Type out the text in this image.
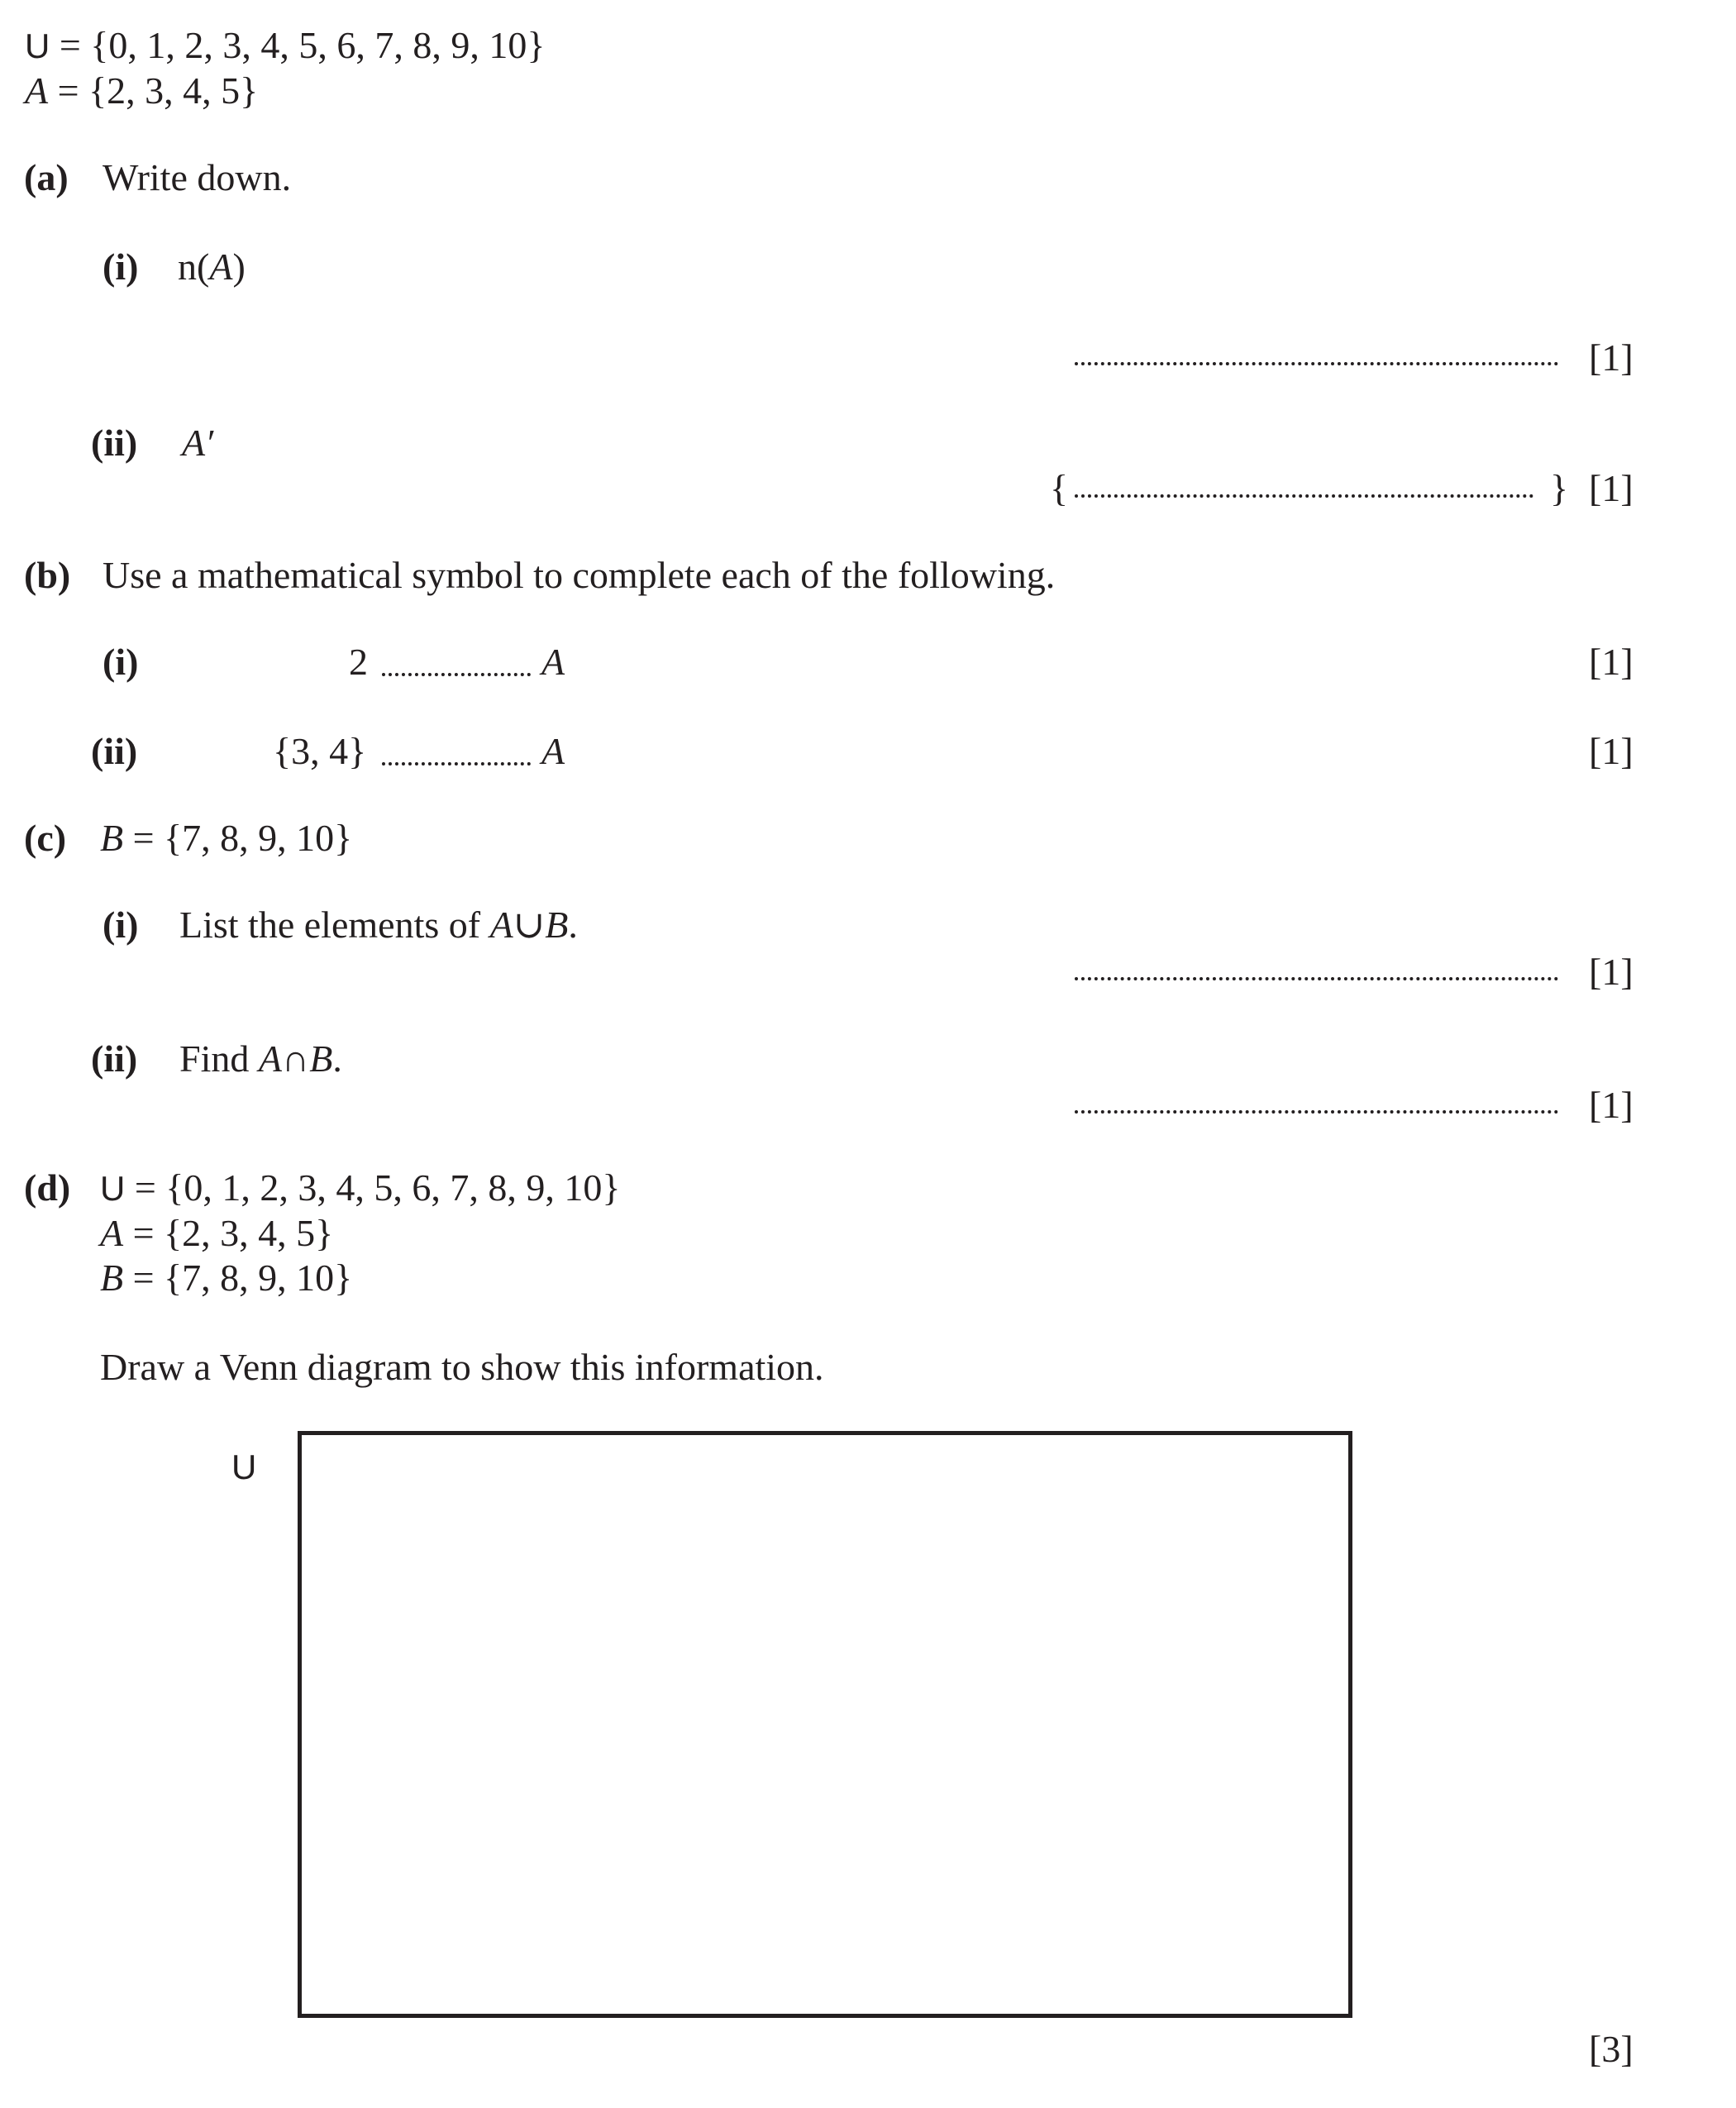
U = {0, 1, 2, 3, 4, 5, 6, 7, 8, 9, 10}
A = {2, 3, 4, 5}
(a) Write down.
(i) n(A)
[1]
(ii) A′
{	} [1]
(b) Use a mathematical symbol to complete each of the following.
(i)	2	A	[1]
(ii)	{3, 4}	A	[1]
(c) B = {7, 8, 9, 10}
(i) List the elements of A∪B.
[1]
(ii) Find A∩B.
[1]
(d) U = {0, 1, 2, 3, 4, 5, 6, 7, 8, 9, 10}
A = {2, 3, 4, 5}
B = {7, 8, 9, 10}
Draw a Venn diagram to show this information.
U
[3]
